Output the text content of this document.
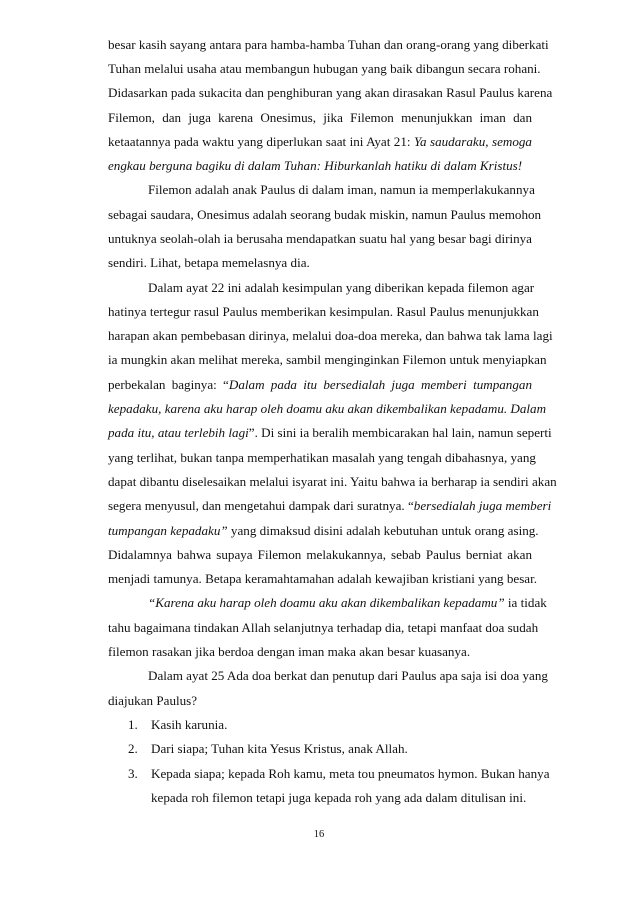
besar kasih sayang antara para hamba-hamba Tuhan dan orang-orang yang diberkati
Tuhan melalui usaha atau membangun hubugan yang baik dibangun secara rohani.
Didasarkan pada sukacita dan penghiburan yang akan dirasakan Rasul Paulus karena
Filemon, dan juga karena Onesimus, jika Filemon menunjukkan iman dan
ketaatannya pada waktu yang diperlukan saat ini Ayat 21: Ya saudaraku, semoga
engkau berguna bagiku di dalam Tuhan: Hiburkanlah hatiku di dalam Kristus!
Filemon adalah anak Paulus di dalam iman, namun ia memperlakukannya
sebagai saudara, Onesimus adalah seorang budak miskin, namun Paulus memohon
untuknya seolah-olah ia berusaha mendapatkan suatu hal yang besar bagi dirinya
sendiri. Lihat, betapa memelasnya dia.
Dalam ayat 22 ini adalah kesimpulan yang diberikan kepada filemon agar
hatinya tertegur rasul Paulus memberikan kesimpulan. Rasul Paulus menunjukkan
harapan akan pembebasan dirinya, melalui doa-doa mereka, dan bahwa tak lama lagi
ia mungkin akan melihat mereka, sambil menginginkan Filemon untuk menyiapkan
perbekalan baginya: “Dalam pada itu bersedialah juga memberi tumpangan
kepadaku, karena aku harap oleh doamu aku akan dikembalikan kepadamu. Dalam
pada itu, atau terlebih lagi”. Di sini ia beralih membicarakan hal lain, namun seperti
yang terlihat, bukan tanpa memperhatikan masalah yang tengah dibahasnya, yang
dapat dibantu diselesaikan melalui isyarat ini. Yaitu bahwa ia berharap ia sendiri akan
segera menyusul, dan mengetahui dampak dari suratnya. “bersedialah juga memberi
tumpangan kepadaku” yang dimaksud disini adalah kebutuhan untuk orang asing.
Didalamnya bahwa supaya Filemon melakukannya, sebab Paulus berniat akan
menjadi tamunya. Betapa keramahtamahan adalah kewajiban kristiani yang besar.
“Karena aku harap oleh doamu aku akan dikembalikan kepadamu” ia tidak
tahu bagaimana tindakan Allah selanjutnya terhadap dia, tetapi manfaat doa sudah
filemon rasakan jika berdoa dengan iman maka akan besar kuasanya.
Dalam ayat 25 Ada doa berkat dan penutup dari Paulus apa saja isi doa yang
diajukan Paulus?
1. Kasih karunia.
2. Dari siapa; Tuhan kita Yesus Kristus, anak Allah.
3. Kepada siapa; kepada Roh kamu, meta tou pneumatos hymon. Bukan hanya
kepada roh filemon tetapi juga kepada roh yang ada dalam ditulisan ini.
16
